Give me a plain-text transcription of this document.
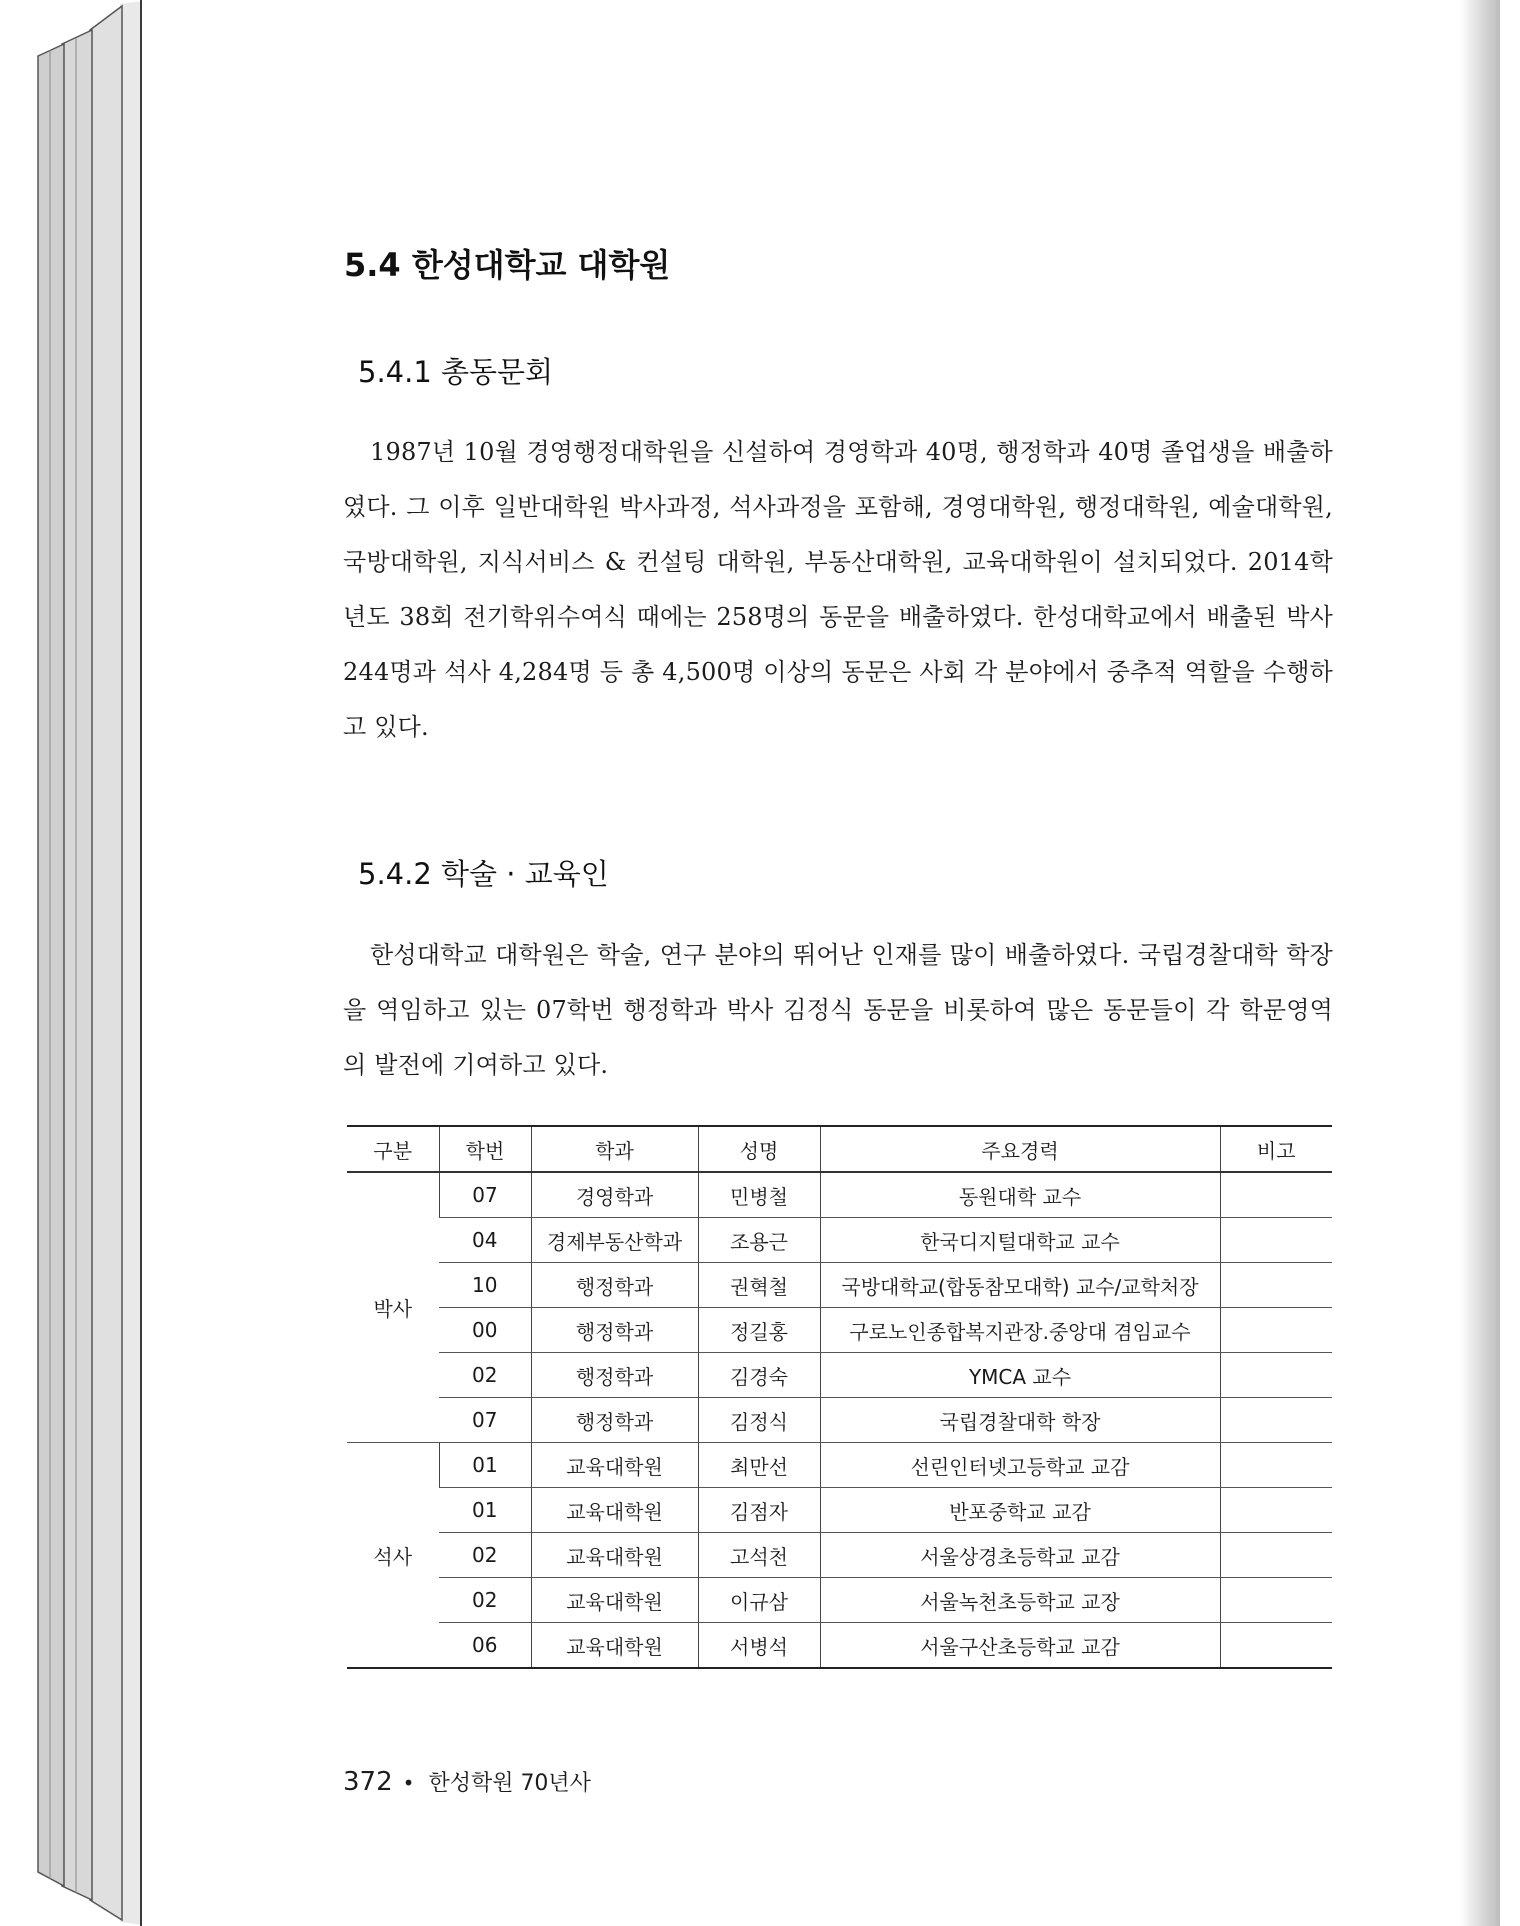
5.4 한성대학교 대학원
5.4.1 총동문회
1987년 10월 경영행정대학원을 신설하여 경영학과 40명, 행정학과 40명 졸업생을 배출하였다. 그 이후 일반대학원 박사과정, 석사과정을 포함해, 경영대학원, 행정대학원, 예술대학원, 국방대학원, 지식서비스 & 컨설팅 대학원, 부동산대학원, 교육대학원이 설치되었다. 2014학년도 38회 전기학위수여식 때에는 258명의 동문을 배출하였다. 한성대학교에서 배출된 박사 244명과 석사 4,284명 등 총 4,500명 이상의 동문은 사회 각 분야에서 중추적 역할을 수행하고 있다.
5.4.2 학술 · 교육인
한성대학교 대학원은 학술, 연구 분야의 뛰어난 인재를 많이 배출하였다. 국립경찰대학 학장을 역임하고 있는 07학번 행정학과 박사 김정식 동문을 비롯하여 많은 동문들이 각 학문영역의 발전에 기여하고 있다.
구분	학번	학과	성명	주요경력	비고
박사	07	경영학과	민병철	동원대학 교수	
	04	경제부동산학과	조용근	한국디지털대학교 교수	
	10	행정학과	권혁철	국방대학교(합동참모대학) 교수/교학처장	
	00	행정학과	정길홍	구로노인종합복지관장.중앙대 겸임교수	
	02	행정학과	김경숙	YMCA 교수	
	07	행정학과	김정식	국립경찰대학 학장	
석사	01	교육대학원	최만선	선린인터넷고등학교 교감	
	01	교육대학원	김점자	반포중학교 교감	
	02	교육대학원	고석천	서울상경초등학교 교감	
	02	교육대학원	이규삼	서울녹천초등학교 교장	
	06	교육대학원	서병석	서울구산초등학교 교감	
372 • 한성학원 70년사
